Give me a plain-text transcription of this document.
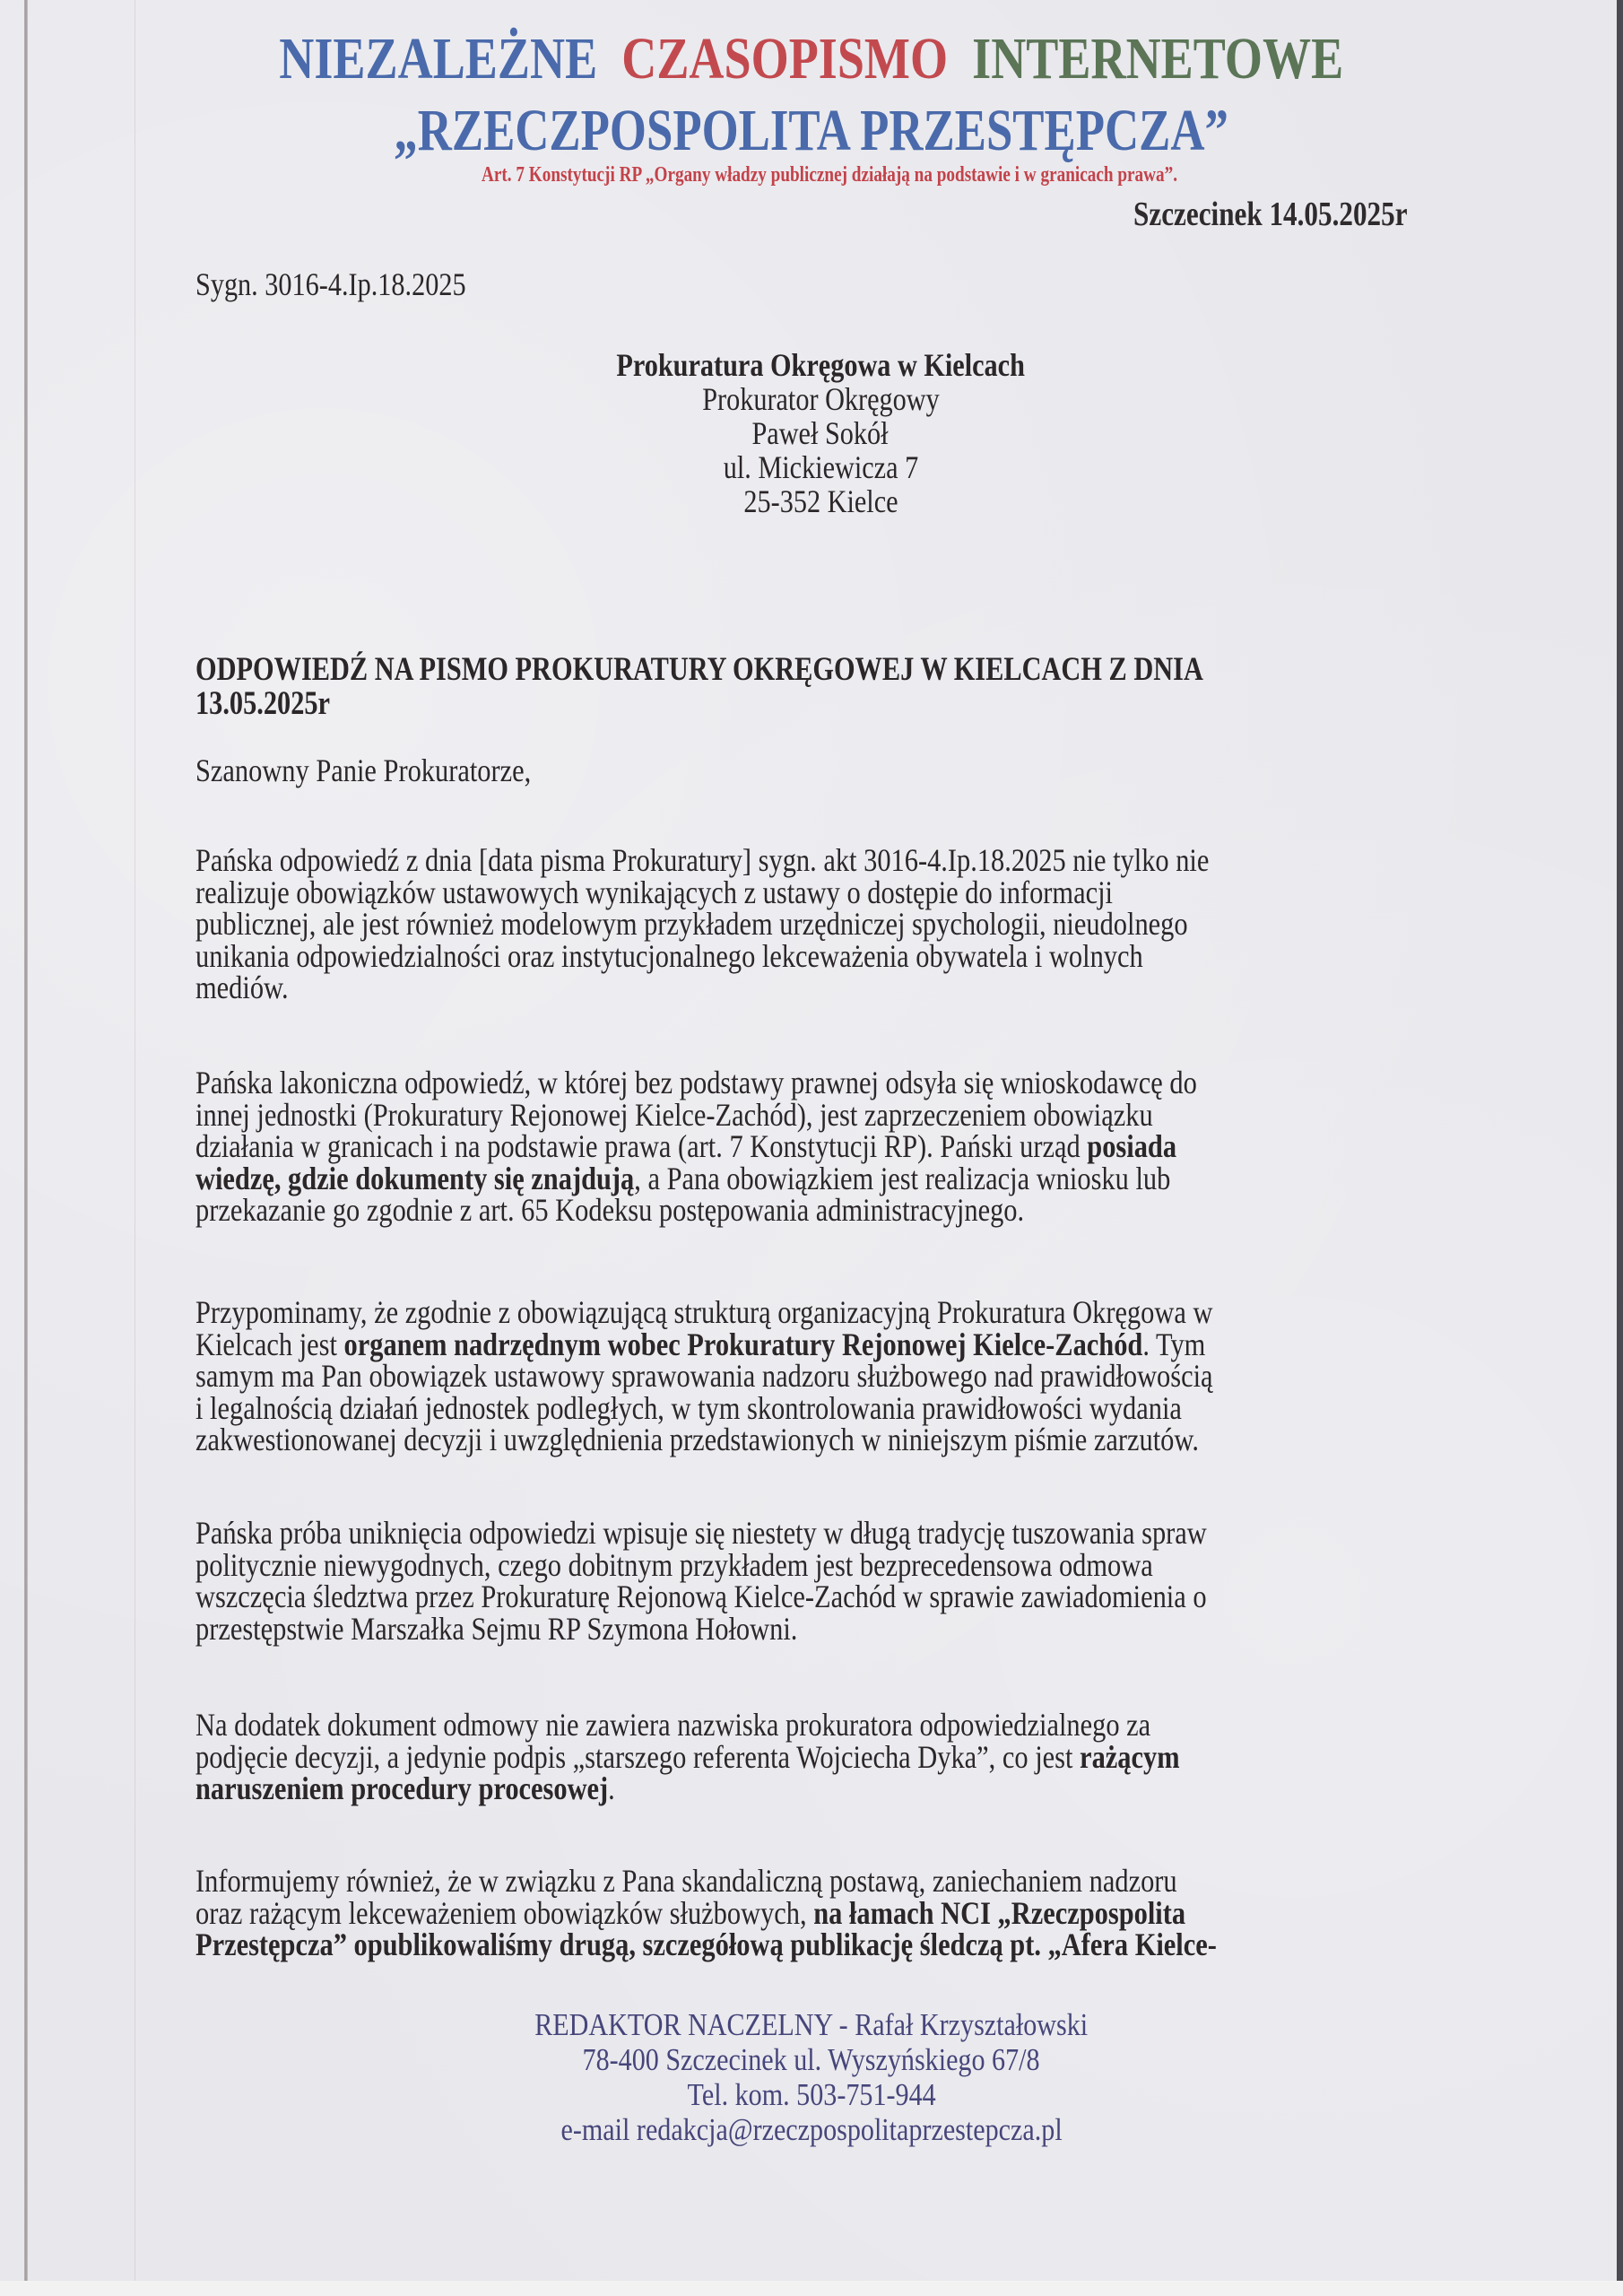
NIEZALEŻNE CZASOPISMO INTERNETOWE
„RZECZPOSPOLITA PRZESTĘPCZA”
Art. 7 Konstytucji RP „Organy władzy publicznej działają na podstawie i w granicach prawa”.
Szczecinek 14.05.2025r
Sygn. 3016-4.Ip.18.2025
Prokuratura Okręgowa w Kielcach
Prokurator Okręgowy
Paweł Sokół
ul. Mickiewicza 7
25-352 Kielce
ODPOWIEDŹ NA PISMO PROKURATURY OKRĘGOWEJ W KIELCACH Z DNIA
13.05.2025r
Szanowny Panie Prokuratorze,
Pańska odpowiedź z dnia [data pisma Prokuratury] sygn. akt 3016-4.Ip.18.2025 nie tylko nie
realizuje obowiązków ustawowych wynikających z ustawy o dostępie do informacji
publicznej, ale jest również modelowym przykładem urzędniczej spychologii, nieudolnego
unikania odpowiedzialności oraz instytucjonalnego lekceważenia obywatela i wolnych
mediów.
Pańska lakoniczna odpowiedź, w której bez podstawy prawnej odsyła się wnioskodawcę do
innej jednostki (Prokuratury Rejonowej Kielce-Zachód), jest zaprzeczeniem obowiązku
działania w granicach i na podstawie prawa (art. 7 Konstytucji RP). Pański urząd posiada
wiedzę, gdzie dokumenty się znajdują, a Pana obowiązkiem jest realizacja wniosku lub
przekazanie go zgodnie z art. 65 Kodeksu postępowania administracyjnego.
Przypominamy, że zgodnie z obowiązującą strukturą organizacyjną Prokuratura Okręgowa w
Kielcach jest organem nadrzędnym wobec Prokuratury Rejonowej Kielce-Zachód. Tym
samym ma Pan obowiązek ustawowy sprawowania nadzoru służbowego nad prawidłowością
i legalnością działań jednostek podległych, w tym skontrolowania prawidłowości wydania
zakwestionowanej decyzji i uwzględnienia przedstawionych w niniejszym piśmie zarzutów.
Pańska próba uniknięcia odpowiedzi wpisuje się niestety w długą tradycję tuszowania spraw
politycznie niewygodnych, czego dobitnym przykładem jest bezprecedensowa odmowa
wszczęcia śledztwa przez Prokuraturę Rejonową Kielce-Zachód w sprawie zawiadomienia o
przestępstwie Marszałka Sejmu RP Szymona Hołowni.
Na dodatek dokument odmowy nie zawiera nazwiska prokuratora odpowiedzialnego za
podjęcie decyzji, a jedynie podpis „starszego referenta Wojciecha Dyka”, co jest rażącym
naruszeniem procedury procesowej.
Informujemy również, że w związku z Pana skandaliczną postawą, zaniechaniem nadzoru
oraz rażącym lekceważeniem obowiązków służbowych, na łamach NCI „Rzeczpospolita
Przestępcza” opublikowaliśmy drugą, szczegółową publikację śledczą pt. „Afera Kielce-
REDAKTOR NACZELNY - Rafał Krzyształowski
78-400 Szczecinek ul. Wyszyńskiego 67/8
Tel. kom. 503-751-944
e-mail redakcja@rzeczpospolitaprzestepcza.pl
